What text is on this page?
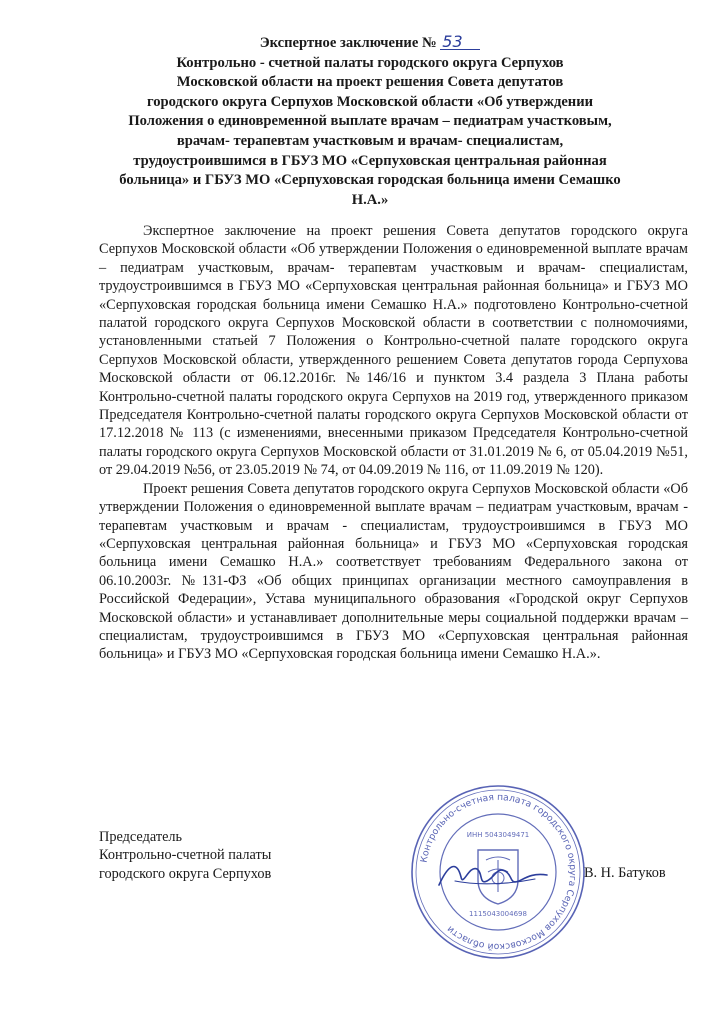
Экспертное заключение № 53
Контрольно - счетной палаты городского округа Серпухов
Московской области на проект решения Совета депутатов
городского округа Серпухов Московской области «Об утверждении
Положения о единовременной выплате врачам – педиатрам участковым,
врачам- терапевтам участковым и врачам- специалистам,
трудоустроившимся в ГБУЗ МО «Серпуховская центральная районная
больница» и ГБУЗ МО «Серпуховская городская больница имени Семашко
Н.А.»

Экспертное заключение на проект решения Совета депутатов городского округа Серпухов Московской области «Об утверждении Положения о единовременной выплате врачам – педиатрам участковым, врачам- терапевтам участковым и врачам- специалистам, трудоустроившимся в ГБУЗ МО «Серпуховская центральная районная больница» и ГБУЗ МО «Серпуховская городская больница имени Семашко Н.А.» подготовлено Контрольно-счетной палатой городского округа Серпухов Московской области в соответствии с полномочиями, установленными статьей 7 Положения о Контрольно-счетной палате городского округа Серпухов Московской области, утвержденного решением Совета депутатов города Серпухова Московской области от 06.12.2016г. №146/16 и пунктом 3.4 раздела 3 Плана работы Контрольно-счетной палаты городского округа Серпухов на 2019 год, утвержденного приказом Председателя Контрольно-счетной палаты городского округа Серпухов Московской области от 17.12.2018 № 113 (с изменениями, внесенными приказом Председателя Контрольно-счетной палаты городского округа Серпухов Московской области от 31.01.2019 № 6, от 05.04.2019 №51, от 29.04.2019 №56, от 23.05.2019 № 74, от 04.09.2019 № 116, от 11.09.2019 № 120).

Проект решения Совета депутатов городского округа Серпухов Московской области «Об утверждении Положения о единовременной выплате врачам – педиатрам участковым, врачам - терапевтам участковым и врачам - специалистам, трудоустроившимся в ГБУЗ МО «Серпуховская центральная районная больница» и ГБУЗ МО «Серпуховская городская больница имени Семашко Н.А.» соответствует требованиям Федерального закона от 06.10.2003г. №131-ФЗ «Об общих принципах организации местного самоуправления в Российской Федерации», Устава муниципального образования «Городской округ Серпухов Московской области» и устанавливает дополнительные меры социальной поддержки врачам – специалистам, трудоустроившимся в ГБУЗ МО «Серпуховская центральная районная больница» и ГБУЗ МО «Серпуховская городская больница имени Семашко Н.А.».

Контрольно-счетная палата городского округа Серпухов Московской области
ИНН 5043049471
1115043004698
Председатель
Контрольно-счетной палаты
городского округа Серпухов	В. Н. Батуков
